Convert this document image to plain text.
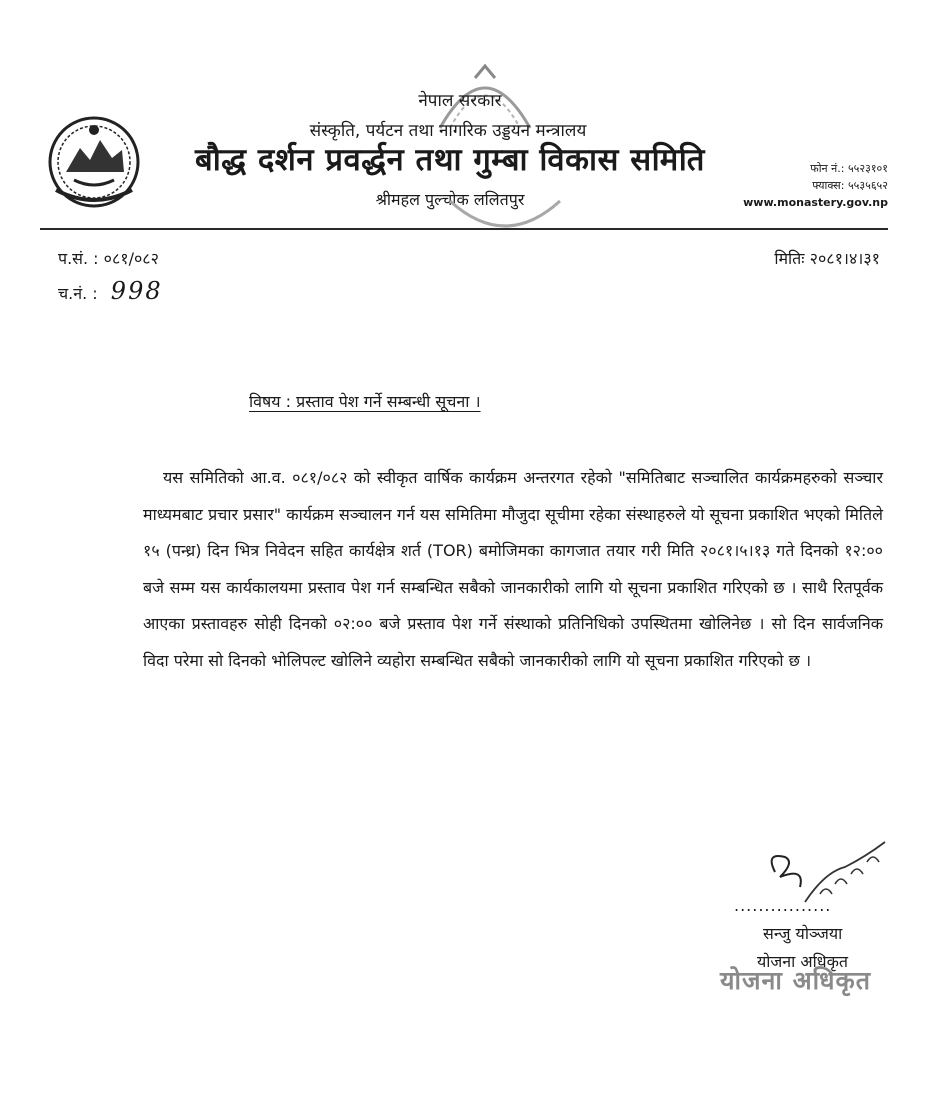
नेपाल सरकार
संस्कृति, पर्यटन तथा नागरिक उड्डयन मन्त्रालय
बौद्ध दर्शन प्रवर्द्धन तथा गुम्बा विकास समिति
श्रीमहल पुल्चोक ललितपुर
फोन नं.: ५५२३१०१
फ्याक्स: ५५३५६५२
www.monastery.gov.np
प.सं. : ०८१/०८२
च.नं. : 998
मितिः २०८१।४।३१
विषय : प्रस्ताव पेश गर्ने सम्बन्धी सूचना ।
यस समितिको आ.व. ०८१/०८२ को स्वीकृत वार्षिक कार्यक्रम अन्तरगत रहेको "समितिबाट सञ्चालित कार्यक्रमहरुको सञ्चार माध्यमबाट प्रचार प्रसार" कार्यक्रम सञ्चालन गर्न यस समितिमा मौजुदा सूचीमा रहेका संस्थाहरुले यो सूचना प्रकाशित भएको मितिले १५ (पन्ध्र) दिन भित्र निवेदन सहित कार्यक्षेत्र शर्त (TOR) बमोजिमका कागजात तयार गरी मिति २०८१।५।१३ गते दिनको १२:०० बजे सम्म यस कार्यकालयमा प्रस्ताव पेश गर्न सम्बन्धित सबैको जानकारीको लागि यो सूचना प्रकाशित गरिएको छ । साथै रितपूर्वक आएका प्रस्तावहरु सोही दिनको ०२:०० बजे प्रस्ताव पेश गर्ने संस्थाको प्रतिनिधिको उपस्थितमा खोलिनेछ । सो दिन सार्वजनिक विदा परेमा सो दिनको भोलिपल्ट खोलिने व्यहोरा सम्बन्धित सबैको जानकारीको लागि यो सूचना प्रकाशित गरिएको छ ।
................
सन्जु योञ्जया
योजना अधिकृत
योजना अधिकृत
